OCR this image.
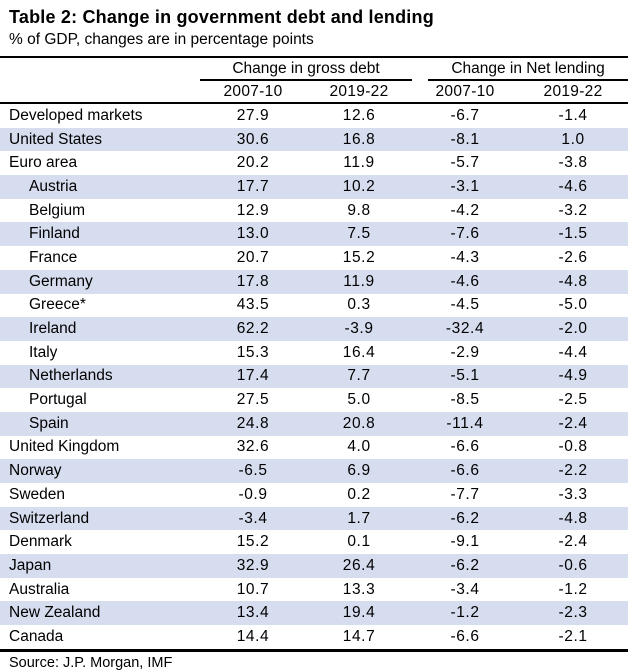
Table 2: Change in government debt and lending
% of GDP, changes are in percentage points

	Change in gross debt		Change in Net lending	

	2007-10	2019-22	2007-10	2019-22
Developed markets	27.9	12.6	-6.7	-1.4
United States	30.6	16.8	-8.1	1.0
Euro area	20.2	11.9	-5.7	-3.8
Austria	17.7	10.2	-3.1	-4.6
Belgium	12.9	9.8	-4.2	-3.2
Finland	13.0	7.5	-7.6	-1.5
France	20.7	15.2	-4.3	-2.6
Germany	17.8	11.9	-4.6	-4.8
Greece*	43.5	0.3	-4.5	-5.0
Ireland	62.2	-3.9	-32.4	-2.0
Italy	15.3	16.4	-2.9	-4.4
Netherlands	17.4	7.7	-5.1	-4.9
Portugal	27.5	5.0	-8.5	-2.5
Spain	24.8	20.8	-11.4	-2.4
United Kingdom	32.6	4.0	-6.6	-0.8
Norway	-6.5	6.9	-6.6	-2.2
Sweden	-0.9	0.2	-7.7	-3.3
Switzerland	-3.4	1.7	-6.2	-4.8
Denmark	15.2	0.1	-9.1	-2.4
Japan	32.9	26.4	-6.2	-0.6
Australia	10.7	13.3	-3.4	-1.2
New Zealand	13.4	19.4	-1.2	-2.3
Canada	14.4	14.7	-6.6	-2.1
Source: J.P. Morgan, IMF
